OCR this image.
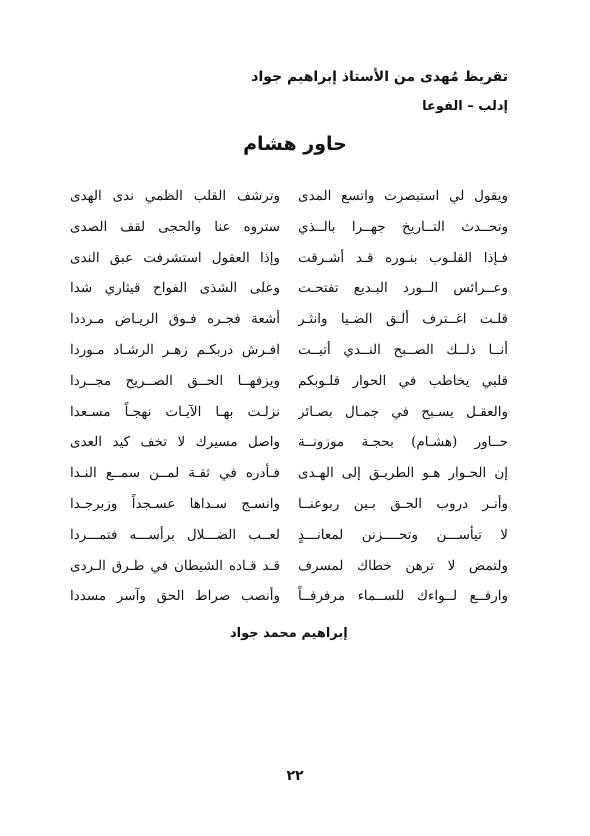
تقريظ مُهدى من الأستاذ إبراهيم جواد
إدلب – الفوعا
حاور هشام
ويقول لي استبصرت واتسع المدى
وتحــدث التــاريخ جهــرا بالــذي
فـإذا القلـوب بنـوره قـد أشـرقت
وعــرائس الــورد البـديع تفتحـت
قلـت اغــترف ألـق الضـيا وانثـر
أنــا ذلــك الصــبح النــدي أتيــت
قلبي يخاطب في الحوار قلـوبكم
والعقـل يسـبح في جمـال بصـائر
حــاور (هشـام) بحجـة موزونــة
إن الحـوار هـو الطريـق إلى الهـدى
وأنـر دروب الحـق بـين ربوعنــا
لا تيأســـن وتحــــزنن لمعانـــدٍ
ولتمض لا ترهن خطاك لمسرف
وارفــع لــواءك للســماء مرفرفــاً
وترشف القلب الظمي ندى الهدى
ستروه عنا والحجى لقف الصدى
وإذا العقول استشرفت عبق الندى
وعلى الشذى الفواح قيثاري شدا
أشعة فجـره فـوق الريـاض مـرددا
افـرش دربكـم زهـر الرشـاد مـوردا
ويزفهــا الحــق الصــريح مجــردا
نزلـت بهـا الآيـات نهجـاً مسـعدا
واصل مسيرك لا تخف كيد العدى
فـأدره في ثقـة لمــن سمــع النـدا
وانسـج سـداها عسـجداً وزبرجـدا
لعــب الضـــلال برأســـه فتمـــردا
قـد قـاده الشيطان في طـرق الـردى
وأنصب صراط الحق وآسر مسددا
إبراهيم محمد جواد
٢٢
